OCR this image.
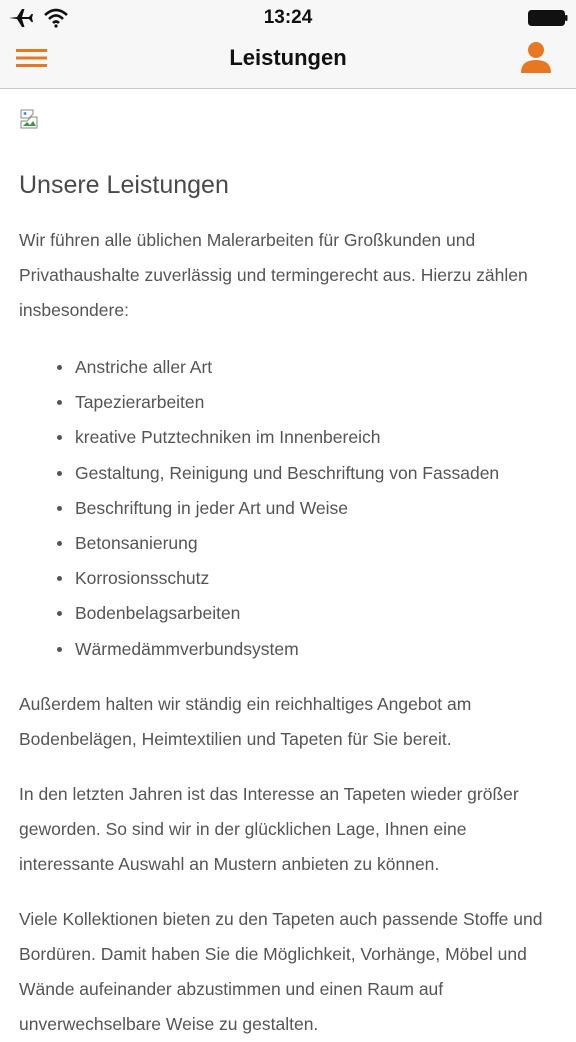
13:24
Leistungen
Unsere Leistungen

Wir führen alle üblichen Malerarbeiten für Großkunden und Privathaushalte zuverlässig und termingerecht aus. Hierzu zählen insbesondere:

Anstriche aller Art
Tapezierarbeiten
kreative Putztechniken im Innenbereich
Gestaltung, Reinigung und Beschriftung von Fassaden
Beschriftung in jeder Art und Weise
Betonsanierung
Korrosionsschutz
Bodenbelagsarbeiten
Wärmedämmverbundsystem

Außerdem halten wir ständig ein reichhaltiges Angebot am Bodenbelägen, Heimtextilien und Tapeten für Sie bereit.

In den letzten Jahren ist das Interesse an Tapeten wieder größer geworden. So sind wir in der glücklichen Lage, Ihnen eine interessante Auswahl an Mustern anbieten zu können.

Viele Kollektionen bieten zu den Tapeten auch passende Stoffe und Bordüren. Damit haben Sie die Möglichkeit, Vorhänge, Möbel und Wände aufeinander abzustimmen und einen Raum auf unverwechselbare Weise zu gestalten.
